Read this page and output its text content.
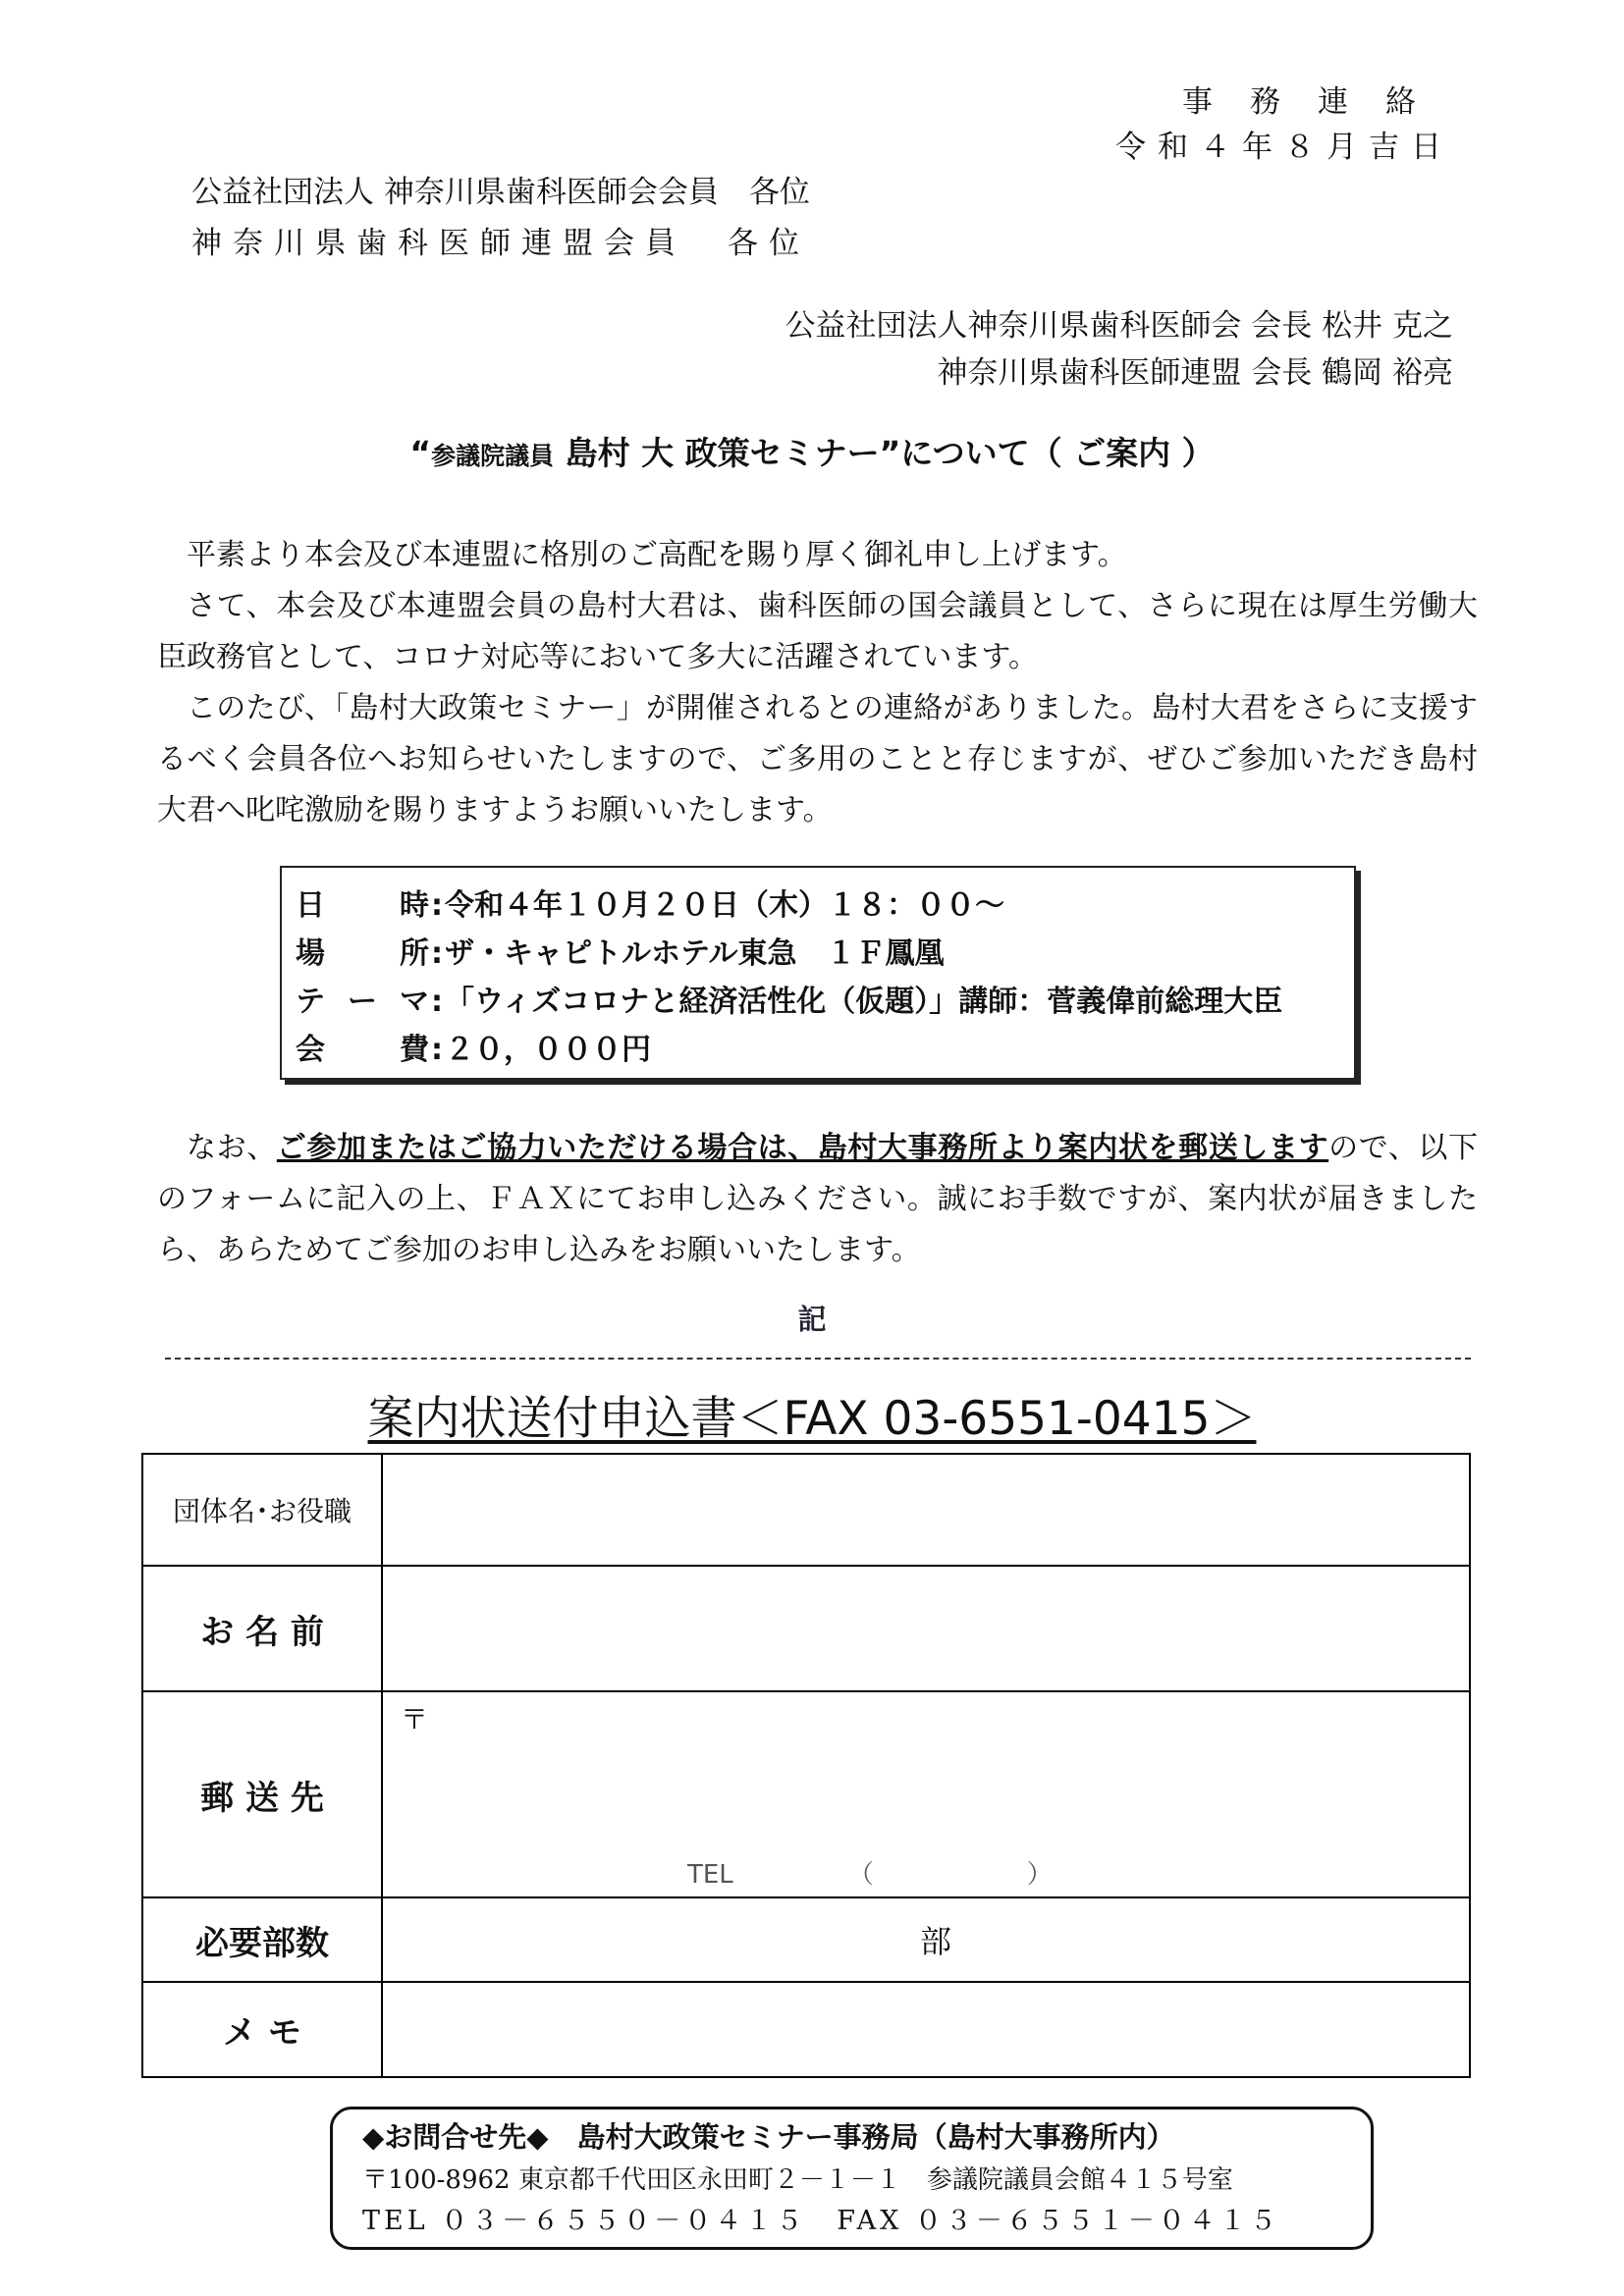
事務連絡
令和４年８月吉日
公益社団法人 神奈川県歯科医師会会員　各位
神奈川県歯科医師連盟会員　各位
公益社団法人神奈川県歯科医師会 会長 松井 克之
神奈川県歯科医師連盟 会長 鶴岡 裕亮
“参議院議員 島村 大 政策セミナー”について（ ご案内 ）

平素より本会及び本連盟に格別のご高配を賜り厚く御礼申し上げます。

さて、本会及び本連盟会員の島村大君は、歯科医師の国会議員として、さらに現在は厚生労働大臣政務官として、コロナ対応等において多大に活躍されています。

このたび、「島村大政策セミナー」が開催されるとの連絡がありました。島村大君をさらに支援するべく会員各位へお知らせいたしますので、ご多用のことと存じますが、ぜひご参加いただき島村大君へ叱咤激励を賜りますようお願いいたします。

日時:令和４年１０月２０日（木）１８：００～
場所:ザ・キャピトルホテル東急　１Ｆ鳳凰
テーマ:「ウィズコロナと経済活性化（仮題）」講師：菅義偉前総理大臣
会費:２０，０００円

なお、ご参加またはご協力いただける場合は、島村大事務所より案内状を郵送しますので、以下のフォームに記入の上、ＦＡＸにてお申し込みください。誠にお手数ですが、案内状が届きましたら、あらためてご参加のお申し込みをお願いいたします。

記
案内状送付申込書＜FAX 03-6551-0415＞
団体名･お役職	
お 名 前	
郵 送 先	〒
TEL　　　　　（　　　　　　）

必要部数	部

メ モ	
◆お問合せ先◆　島村大政策セミナー事務局（島村大事務所内）
〒100-8962 東京都千代田区永田町２－１－１　参議院議員会館４１５号室
TEL ０３－６５５０－０４１５　FAX ０３－６５５１－０４１５
